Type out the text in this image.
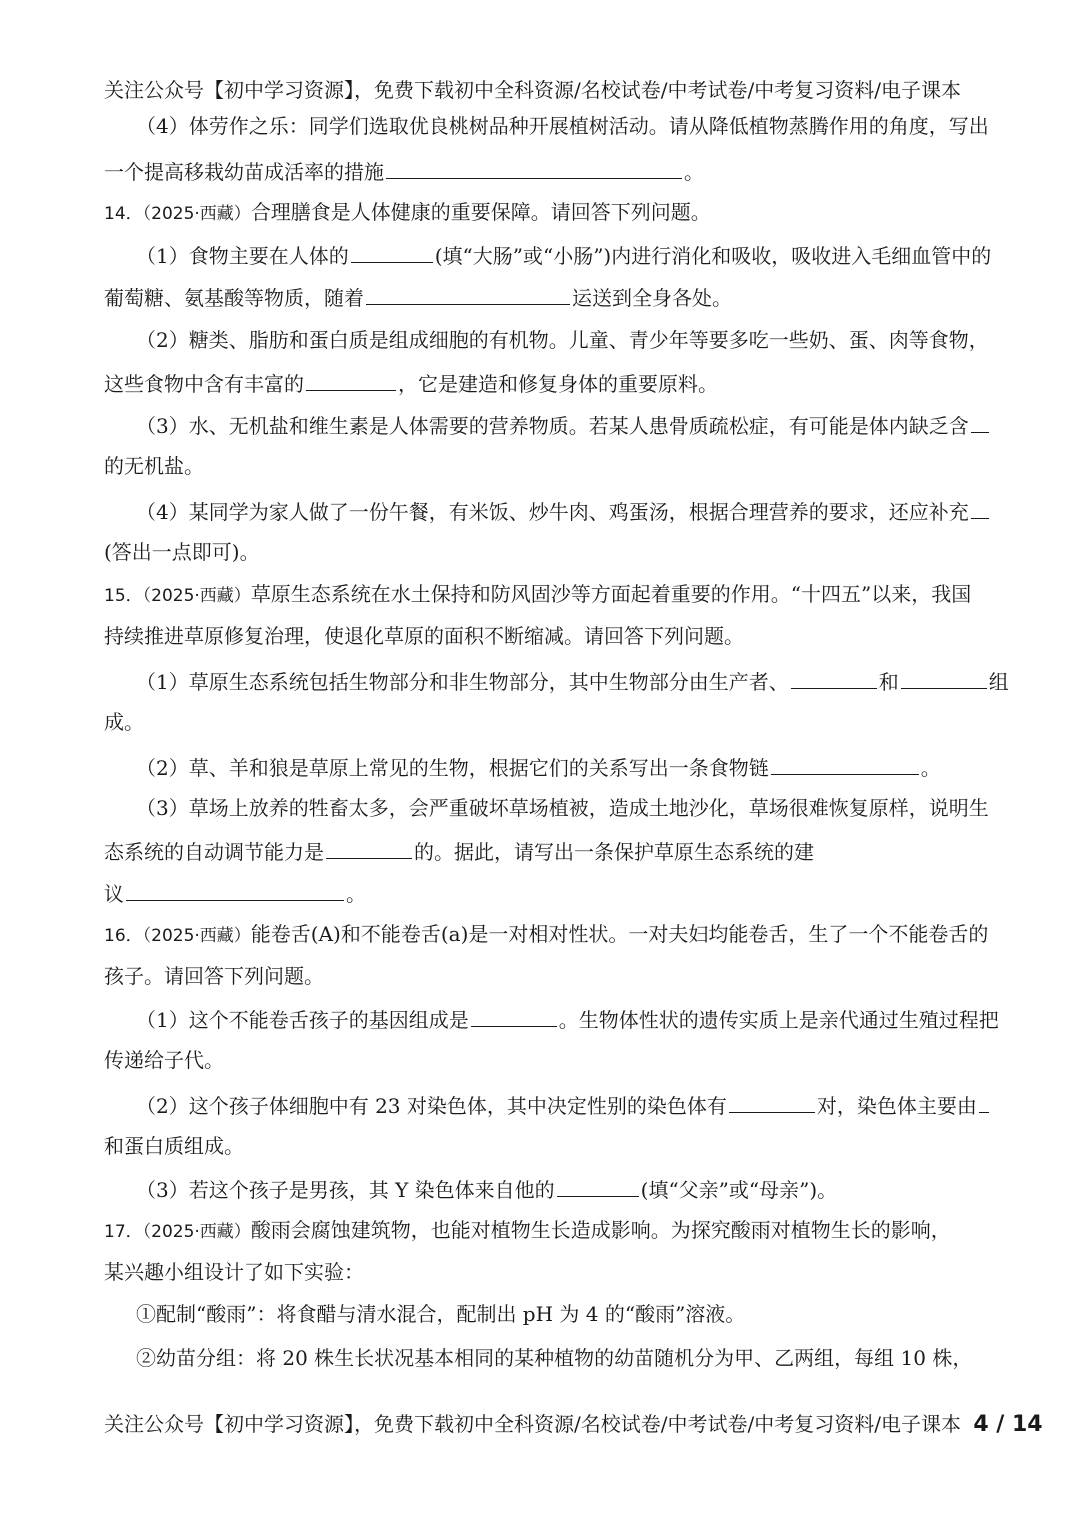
关注公众号【初中学习资源】，免费下载初中全科资源/名校试卷/中考试卷/中考复习资料/电子课本
（4）体劳作之乐：同学们选取优良桃树品种开展植树活动。请从降低植物蒸腾作用的角度，写出
一个提高移栽幼苗成活率的措施	。
14．（2025·西藏）合理膳食是人体健康的重要保障。请回答下列问题。
（1）食物主要在人体的	(填“大肠”或“小肠”)内进行消化和吸收，吸收进入毛细血管中的
葡萄糖、氨基酸等物质，随着	运送到全身各处。
（2）糖类、脂肪和蛋白质是组成细胞的有机物。儿童、青少年等要多吃一些奶、蛋、肉等食物，
这些食物中含有丰富的	，它是建造和修复身体的重要原料。
（3）水、无机盐和维生素是人体需要的营养物质。若某人患骨质疏松症，有可能是体内缺乏含
的无机盐。
（4）某同学为家人做了一份午餐，有米饭、炒牛肉、鸡蛋汤，根据合理营养的要求，还应补充
(答出一点即可)。
15．（2025·西藏）草原生态系统在水土保持和防风固沙等方面起着重要的作用。“十四五”以来，我国
持续推进草原修复治理，使退化草原的面积不断缩减。请回答下列问题。
（1）草原生态系统包括生物部分和非生物部分，其中生物部分由生产者、	和	组
成。
（2）草、羊和狼是草原上常见的生物，根据它们的关系写出一条食物链	。
（3）草场上放养的牲畜太多，会严重破坏草场植被，造成土地沙化，草场很难恢复原样，说明生
态系统的自动调节能力是	的。据此，请写出一条保护草原生态系统的建
议	。
16．（2025·西藏）能卷舌(A)和不能卷舌(a)是一对相对性状。一对夫妇均能卷舌，生了一个不能卷舌的
孩子。请回答下列问题。
（1）这个不能卷舌孩子的基因组成是	。生物体性状的遗传实质上是亲代通过生殖过程把
传递给子代。
（2）这个孩子体细胞中有 23 对染色体，其中决定性别的染色体有	对，染色体主要由
和蛋白质组成。
（3）若这个孩子是男孩，其 Y 染色体来自他的	(填“父亲”或“母亲”)。
17．（2025·西藏）酸雨会腐蚀建筑物，也能对植物生长造成影响。为探究酸雨对植物生长的影响，
某兴趣小组设计了如下实验：
①配制“酸雨”：将食醋与清水混合，配制出 pH 为 4 的“酸雨”溶液。
②幼苗分组：将 20 株生长状况基本相同的某种植物的幼苗随机分为甲、乙两组，每组 10 株，
关注公众号【初中学习资源】，免费下载初中全科资源/名校试卷/中考试卷/中考复习资料/电子课本 4 / 14
